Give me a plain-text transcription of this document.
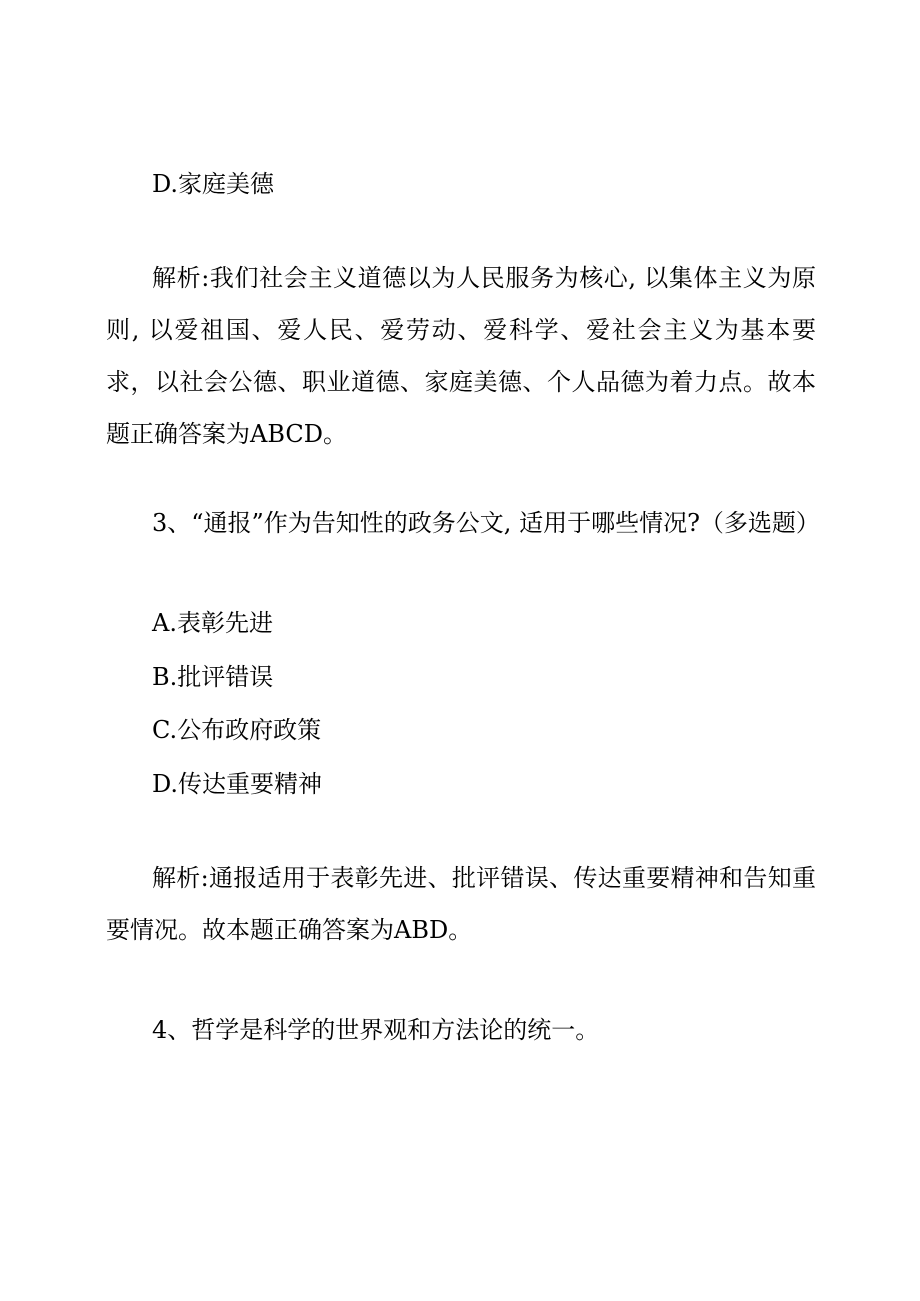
D.家庭美德

解析:我们社会主义道德以为人民服务为核心, 以集体主义为原则, 以爱祖国、爱人民、爱劳动、爱科学、爱社会主义为基本要求，以社会公德、职业道德、家庭美德、个人品德为着力点。故本题正确答案为ABCD。

3、“通报”作为告知性的政务公文, 适用于哪些情况?（多选题）
A.表彰先进
B.批评错误
C.公布政府政策
D.传达重要精神

解析:通报适用于表彰先进、批评错误、传达重要精神和告知重要情况。故本题正确答案为ABD。

4、哲学是科学的世界观和方法论的统一。
